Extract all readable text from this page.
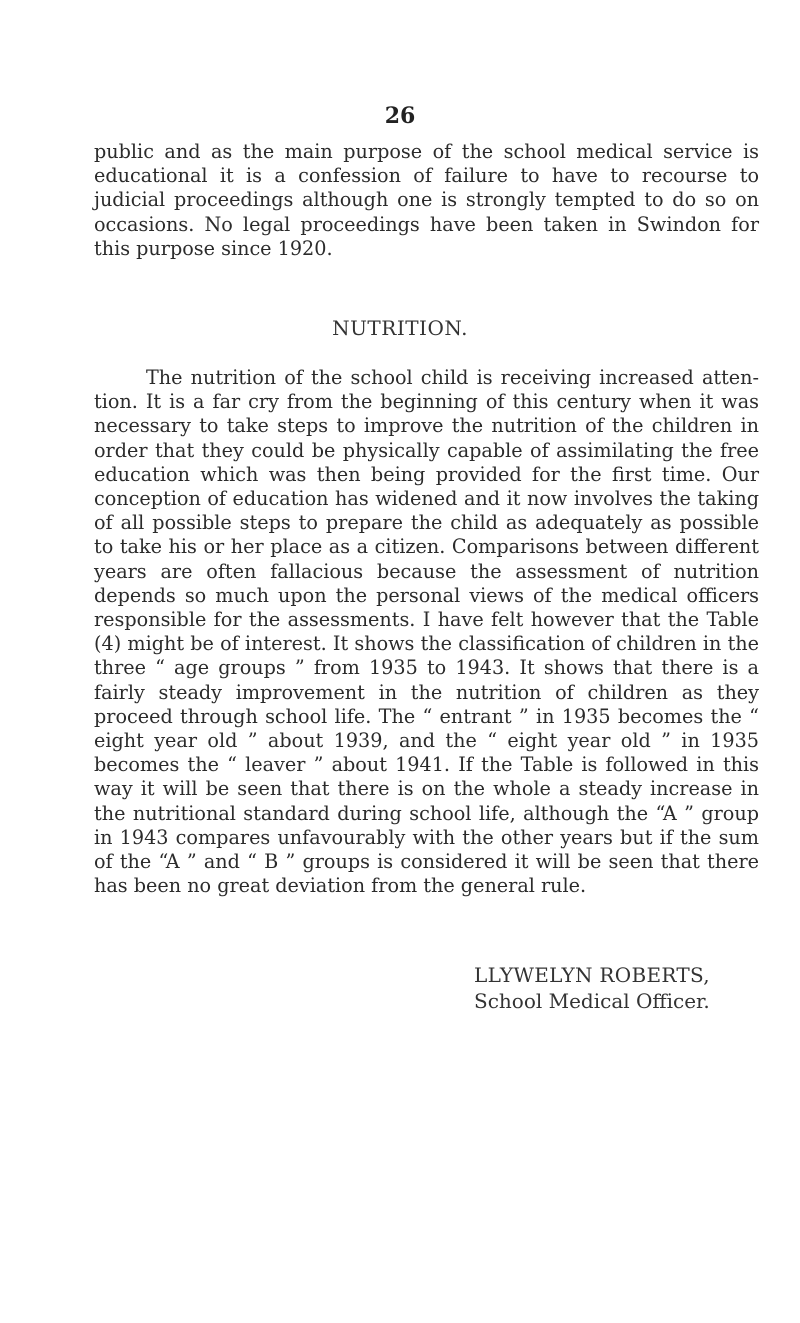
26

public and as the main purpose of the school medical service is educational it is a confession of failure to have to recourse to judicial proceedings although one is strongly tempted to do so on occasions. No legal proceedings have been taken in Swindon for this purpose since 1920.

NUTRITION.

The nutrition of the school child is receiving increased atten- tion. It is a far cry from the beginning of this century when it was necessary to take steps to improve the nutrition of the children in order that they could be physically capable of assimilating the free education which was then being provided for the first time. Our conception of education has widened and it now involves the taking of all possible steps to prepare the child as adequately as possible to take his or her place as a citizen. Comparisons between different years are often fallacious because the assessment of nutrition depends so much upon the personal views of the medical officers responsible for the assessments. I have felt however that the Table (4) might be of interest. It shows the classification of children in the three “ age groups ” from 1935 to 1943. It shows that there is a fairly steady improvement in the nutrition of children as they proceed through school life. The “ entrant ” in 1935 becomes the “ eight year old ” about 1939, and the “ eight year old ” in 1935 becomes the “ leaver ” about 1941. If the Table is followed in this way it will be seen that there is on the whole a steady increase in the nutritional standard during school life, although the “A ” group in 1943 compares unfavourably with the other years but if the sum of the “A ” and “ B ” groups is considered it will be seen that there has been no great deviation from the general rule.

LLYWELYN ROBERTS,
School Medical Officer.
